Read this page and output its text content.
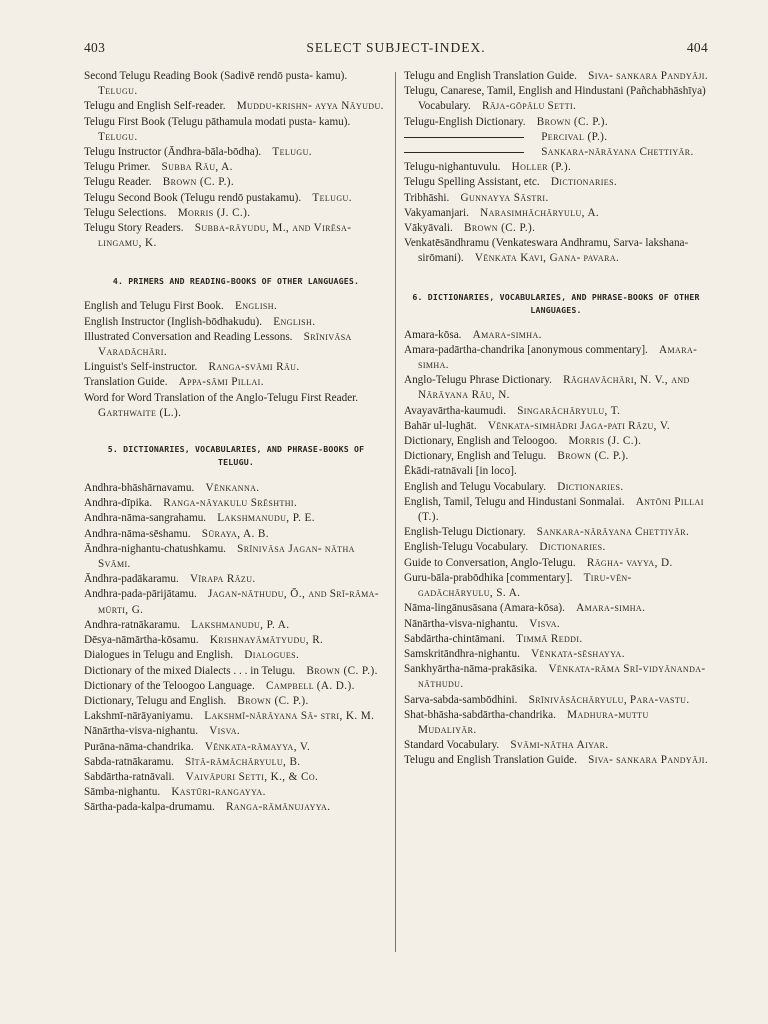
403	SELECT SUBJECT-INDEX.	404

Second Telugu Reading Book (Sadivē rendō pusta- kamu). Telugu.

Telugu and English Self-reader.  Muddu-krishn- ayya Nāyudu.

Telugu First Book (Telugu pāthamula modati pusta- kamu). Telugu.

Telugu Instructor (Āndhra-bāla-bōdha).  Telugu.

Telugu Primer.  Subba Rāu, A.

Telugu Reader.  Brown (C. P.).

Telugu Second Book (Telugu rendō pustakamu).  Telugu.

Telugu Selections.  Morris (J. C.).

Telugu Story Readers.  Subba-rāyudu, M., and Virēsa-lingamu, K.

4. PRIMERS AND READING-BOOKS OF OTHER LANGUAGES.

English and Telugu First Book.  English.

English Instructor (Inglish-bōdhakudu).  English.

Illustrated Conversation and Reading Lessons.  Srīnivāsa Varadāchāri.

Linguist's Self-instructor.  Ranga-svāmi Rāu.

Translation Guide.  Appa-sāmi Pillai.

Word for Word Translation of the Anglo-Telugu First Reader. Garthwaite (L.).

5. DICTIONARIES, VOCABULARIES, AND PHRASE-BOOKS OF TELUGU.

Andhra-bhāshārnavamu.  Vēnkanna.

Andhra-dīpika.  Ranga-nāyakulu Srēshthi.

Andhra-nāma-sangrahamu.  Lakshmanudu, P. E.

Andhra-nāma-sēshamu.  Sūraya, A. B.

Āndhra-nighantu-chatushkamu.  Srīnivāsa Jagan- nātha Svāmi.

Āndhra-padākaramu.  Vīrapa Rāzu.

Andhra-pada-pārijātamu.  Jagan-nāthudu, Ō., and Srī-rāma-mūrti, G.

Andhra-ratnākaramu.  Lakshmanudu, P. A.

Dēsya-nāmārtha-kōsamu.  Krishnayāmātyudu, R.

Dialogues in Telugu and English.  Dialogues.

Dictionary of the mixed Dialects . . . in Telugu.  Brown (C. P.).

Dictionary of the Teloogoo Language.  Campbell (A. D.).

Dictionary, Telugu and English.  Brown (C. P.).

Lakshmī-nārāyaniyamu.  Lakshmī-nārāyana Sā- stri, K. M.

Nānārtha-visva-nighantu.  Visva.

Purāna-nāma-chandrika.  Vēnkata-rāmayya, V.

Sabda-ratnākaramu.  Sītā-rāmāchāryulu, B.

Sabdārtha-ratnāvali.  Vaivāpuri Setti, K., & Co.

Sāmba-nighantu.  Kastūri-rangayya.

Sārtha-pada-kalpa-drumamu.  Ranga-rāmānujayya.

Telugu and English Translation Guide.  Siva- sankara Pandyāji.

Telugu, Canarese, Tamil, English and Hindustani (Pañchabhāshīya) Vocabulary.  Rāja-gōpālu Setti.

Telugu-English Dictionary.  Brown (C. P.).

 Percival (P.).

 Sankara-nārāyana Chettiyār.

Telugu-nighantuvulu.  Holler (P.).

Telugu Spelling Assistant, etc.  Dictionaries.

Tribhāshi.  Gunnayya Sāstri.

Vakyamanjari.  Narasimhāchāryulu, A.

Vākyāvali.  Brown (C. P.).

Venkatēsāndhramu (Venkateswara Andhramu, Sarva- lakshana-sirōmani).  Vēnkata Kavi, Gana- pavara.

6. DICTIONARIES, VOCABULARIES, AND PHRASE-BOOKS OF OTHER LANGUAGES.

Amara-kōsa.  Amara-simha.

Amara-padārtha-chandrika [anonymous commentary].  Amara-simha.

Anglo-Telugu Phrase Dictionary.  Rāghavāchāri, N. V., and Nārāyana Rāu, N.

Avayavārtha-kaumudi.  Singarāchāryulu, T.

Bahār ul-lughāt.  Vēnkata-simhādri Jaga-pati Rāzu, V.

Dictionary, English and Teloogoo.  Morris (J. C.).

Dictionary, English and Telugu.  Brown (C. P.).

Ēkādi-ratnāvali [in loco].

English and Telugu Vocabulary.  Dictionaries.

English, Tamil, Telugu and Hindustani Sonmalai.  Antōni Pillai (T.).

English-Telugu Dictionary.  Sankara-nārāyana Chettiyār.

English-Telugu Vocabulary.  Dictionaries.

Guide to Conversation, Anglo-Telugu.  Rāgha- vayya, D.

Guru-bāla-prabōdhika [commentary].  Tiru-vēn- gadāchāryulu, S. A.

Nāma-lingānusāsana (Amara-kōsa).  Amara-simha.

Nānārtha-visva-nighantu.  Visva.

Sabdārtha-chintāmani.  Timmā Reddi.

Samskritāndhra-nighantu.  Vēnkata-sēshayya.

Sankhyārtha-nāma-prakāsika.  Vēnkata-rāma Srī-vidyānanda-nāthudu.

Sarva-sabda-sambōdhini.  Srīnivāsāchāryulu, Para-vastu.

Shat-bhāsha-sabdārtha-chandrika.  Madhura-muttu Mudaliyār.

Standard Vocabulary.  Svāmi-nātha Aiyar.

Telugu and English Translation Guide.  Siva- sankara Pandyāji.
